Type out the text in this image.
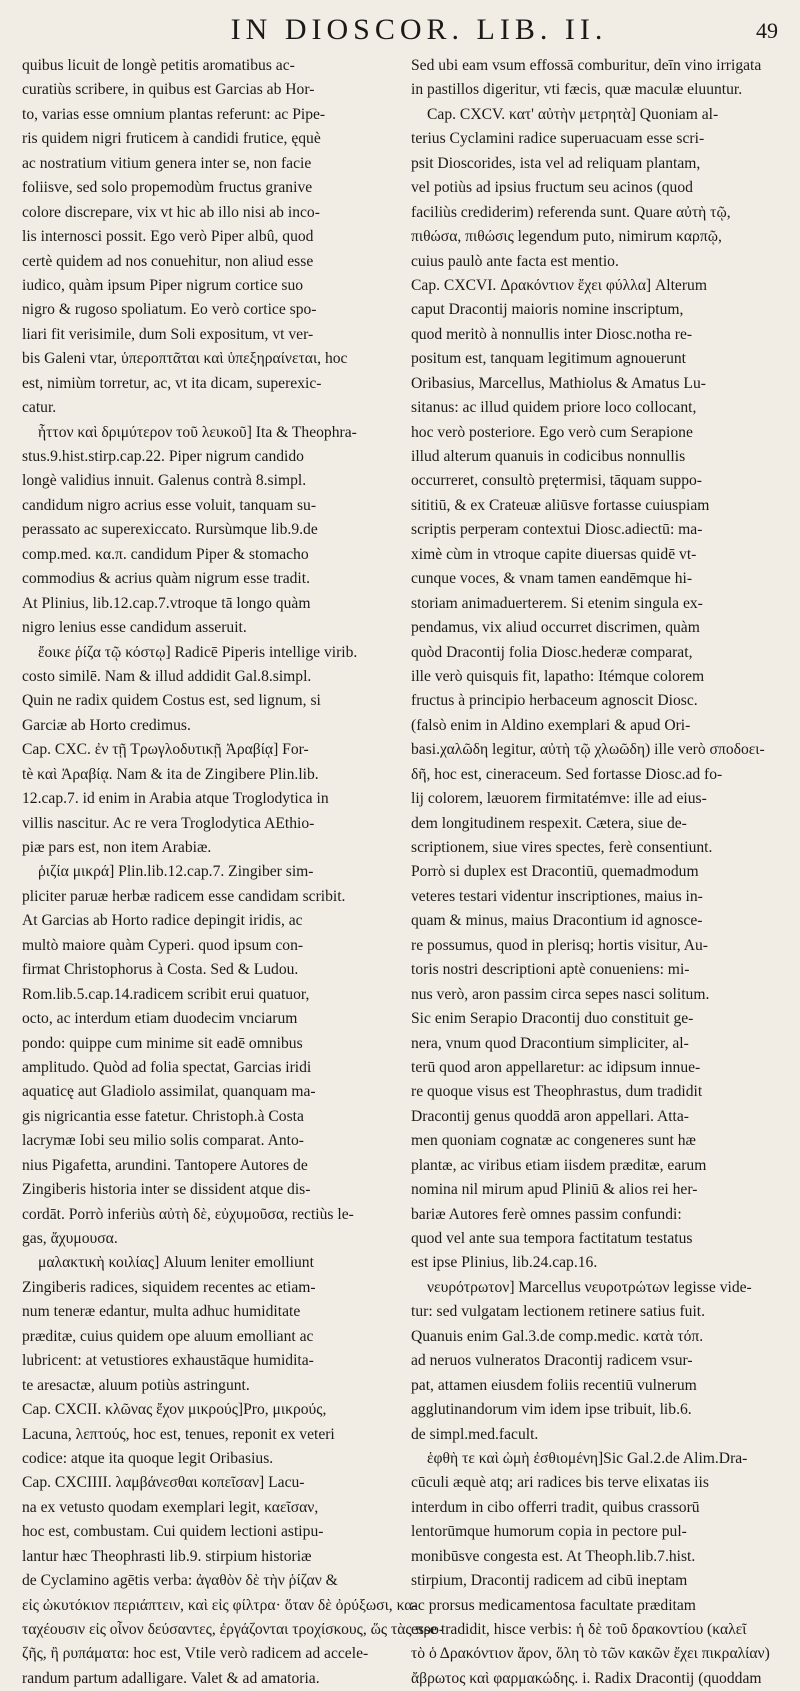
IN DIOSCOR. LIB. II.	49
quibus licuit de longè petitis aromatibus ac-
curatiùs scribere, in quibus est Garcias ab Hor-
to, varias esse omnium plantas referunt: ac Pipe-
ris quidem nigri fruticem à candidi frutice, ęquè
ac nostratium vitium genera inter se, non facie
foliisve, sed solo propemodùm fructus granive
colore discrepare, vix vt hic ab illo nisi ab inco-
lis internosci possit. Ego verò Piper albû, quod
certè quidem ad nos conuehitur, non aliud esse
iudico, quàm ipsum Piper nigrum cortice suo
nigro & rugoso spoliatum. Eo verò cortice spo-
liari fit verisimile, dum Soli expositum, vt ver-
bis Galeni vtar, ὑπεροπτᾶται καὶ ὑπεξηραίνεται, hoc
est, nimiùm torretur, ac, vt ita dicam, superexic-
catur.
ἧττον καὶ δριμύτερον τοῦ λευκοῦ] Ita & Theophra-
stus.9.hist.stirp.cap.22. Piper nigrum candido
longè validius innuit. Galenus contrà 8.simpl.
candidum nigro acrius esse voluit, tanquam su-
perassato ac superexiccato. Rursùmque lib.9.de
comp.med. κα.π. candidum Piper & stomacho
commodius & acrius quàm nigrum esse tradit.
At Plinius, lib.12.cap.7.vtroque tā longo quàm
nigro lenius esse candidum asseruit.
ἔοικε ῥίζα τῷ κόστῳ] Radicē Piperis intellige virib.
costo similē. Nam & illud addidit Gal.8.simpl.
Quin ne radix quidem Costus est, sed lignum, si
Garciæ ab Horto credimus.
Cap. CXC. ἐν τῇ Τρωγλοδυτικῇ Ἀραβίᾳ] For-
tè καὶ Ἀραβίᾳ. Nam & ita de Zingibere Plin.lib.
12.cap.7. id enim in Arabia atque Troglodytica in
villis nascitur. Ac re vera Troglodytica AEthio-
piæ pars est, non item Arabiæ.
ῥιζία μικρά] Plin.lib.12.cap.7. Zingiber sim-
pliciter paruæ herbæ radicem esse candidam scribit.
At Garcias ab Horto radice depingit iridis, ac
multò maiore quàm Cyperi. quod ipsum con-
firmat Christophorus à Costa. Sed & Ludou.
Rom.lib.5.cap.14.radicem scribit erui quatuor,
octo, ac interdum etiam duodecim vnciarum
pondo: quippe cum minime sit eadē omnibus
amplitudo. Quòd ad folia spectat, Garcias iridi
aquaticę aut Gladiolo assimilat, quanquam ma-
gis nigricantia esse fatetur. Christoph.à Costa
lacrymæ Iobi seu milio solis comparat. Anto-
nius Pigafetta, arundini. Tantopere Autores de
Zingiberis historia inter se dissident atque dis-
cordāt. Porrò inferiùs αὐτὴ δὲ, εὐχυμοῦσα, rectiùs le-
gas, ἄχυμουσα.
μαλακτικὴ κοιλίας] Aluum leniter emolliunt
Zingiberis radices, siquidem recentes ac etiam-
num teneræ edantur, multa adhuc humiditate
præditæ, cuius quidem ope aluum emolliant ac
lubricent: at vetustiores exhaustāque humidita-
te aresactæ, aluum potiùs astringunt.
Cap. CXCII. κλῶνας ἔχον μικρούς]Pro, μικρούς,
Lacuna, λεπτούς, hoc est, tenues, reponit ex veteri
codice: atque ita quoque legit Oribasius.
Cap. CXCIIII. λαμβάνεσθαι κοπεῖσαν] Lacu-
na ex vetusto quodam exemplari legit, καεῖσαν,
hoc est, combustam. Cui quidem lectioni astipu-
lantur hæc Theophrasti lib.9. stirpium historiæ
de Cyclamino agētis verba: ἀγαθὸν δὲ τὴν ῥίζαν &
εἰς ὠκυτόκιον περιάπτειν, καὶ εἰς φίλτρα· ὅταν δὲ ὀρύξωσι, κα-
ταχέουσιν εἰς οἶνον δεύσαντες, ἐργάζονται τροχίσκους, ὥς τὰς προ-
ζῆς, ἢ ρυπάματα: hoc est, Vtile verò radicem ad accele-
randum partum adalligare. Valet & ad amatoria.
Sed ubi eam vsum effossā comburitur, deīn vino irrigata
in pastillos digeritur, vti fæcis, quæ maculæ eluuntur.
Cap. CXCV. κατ' αὐτὴν μετρητὰ] Quoniam al-
terius Cyclamini radice superuacuam esse scri-
psit Dioscorides, ista vel ad reliquam plantam,
vel potiùs ad ipsius fructum seu acinos (quod
faciliùs crediderim) referenda sunt. Quare αὐτὴ τῷ,
πιθώσα, πιθώσις legendum puto, nimirum καρπῷ,
cuius paulò ante facta est mentio.
Cap. CXCVI. Δρακόντιον ἔχει φύλλα] Alterum
caput Dracontij maioris nomine inscriptum,
quod meritò à nonnullis inter Diosc.notha re-
positum est, tanquam legitimum agnouerunt
Oribasius, Marcellus, Mathiolus & Amatus Lu-
sitanus: ac illud quidem priore loco collocant,
hoc verò posteriore. Ego verò cum Serapione
illud alterum quanuis in codicibus nonnullis
occurreret, consultò prętermisi, tāquam suppo-
sititiū, & ex Crateuæ aliūsve fortasse cuiuspiam
scriptis perperam contextui Diosc.adiectū: ma-
ximè cùm in vtroque capite diuersas quidē vt-
cunque voces, & vnam tamen eandēmque hi-
storiam animaduerterem. Si etenim singula ex-
pendamus, vix aliud occurret discrimen, quàm
quòd Dracontij folia Diosc.hederæ comparat,
ille verò quisquis fit, lapatho: Itémque colorem
fructus à principio herbaceum agnoscit Diosc.
(falsò enim in Aldino exemplari & apud Ori-
basi.χαλῶδη legitur, αὐτὴ τῷ χλωῶδη) ille verò σποδοει-
δῆ, hoc est, cineraceum. Sed fortasse Diosc.ad fo-
lij colorem, læuorem firmitatémve: ille ad eius-
dem longitudinem respexit. Cætera, siue de-
scriptionem, siue vires spectes, ferè consentiunt.
Porrò si duplex est Dracontiū, quemadmodum
veteres testari videntur inscriptiones, maius in-
quam & minus, maius Dracontium id agnosce-
re possumus, quod in plerisq; hortis visitur, Au-
toris nostri descriptioni aptè conueniens: mi-
nus verò, aron passim circa sepes nasci solitum.
Sic enim Serapio Dracontij duo constituit ge-
nera, vnum quod Dracontium simpliciter, al-
terū quod aron appellaretur: ac idipsum innue-
re quoque visus est Theophrastus, dum tradidit
Dracontij genus quoddā aron appellari. Atta-
men quoniam cognatæ ac congeneres sunt hæ
plantæ, ac viribus etiam iisdem præditæ, earum
nomina nil mirum apud Pliniū & alios rei her-
bariæ Autores ferè omnes passim confundi:
quod vel ante sua tempora factitatum testatus
est ipse Plinius, lib.24.cap.16.
νευρότρωτον] Marcellus νευροτρώτων legisse vide-
tur: sed vulgatam lectionem retinere satius fuit.
Quanuis enim Gal.3.de comp.medic. κατὰ τόπ.
ad neruos vulneratos Dracontij radicem vsur-
pat, attamen eiusdem foliis recentiū vulnerum
agglutinandorum vim idem ipse tribuit, lib.6.
de simpl.med.facult.
ἑφθὴ τε καὶ ὠμὴ ἐσθιομένη]Sic Gal.2.de Alim.Dra-
cūculi æquè atq; ari radices bis terve elixatas iis
interdum in cibo offerri tradit, quibus crassorū
lentorūmque humorum copia in pectore pul-
monibūsve congesta est. At Theoph.lib.7.hist.
stirpium, Dracontij radicem ad cibū ineptam
ac prorsus medicamentosa facultate præditam
esse tradidit, hisce verbis: ἡ δὲ τοῦ δρακοντίου (καλεῖ
τὸ ὁ Δρακόντιον ἄρον, ὅλη τὸ τῶν κακῶν ἔχει πικραλίαν)
ἄβρωτος καὶ φαρμακώδης. i. Radix Dracontij (quoddam
